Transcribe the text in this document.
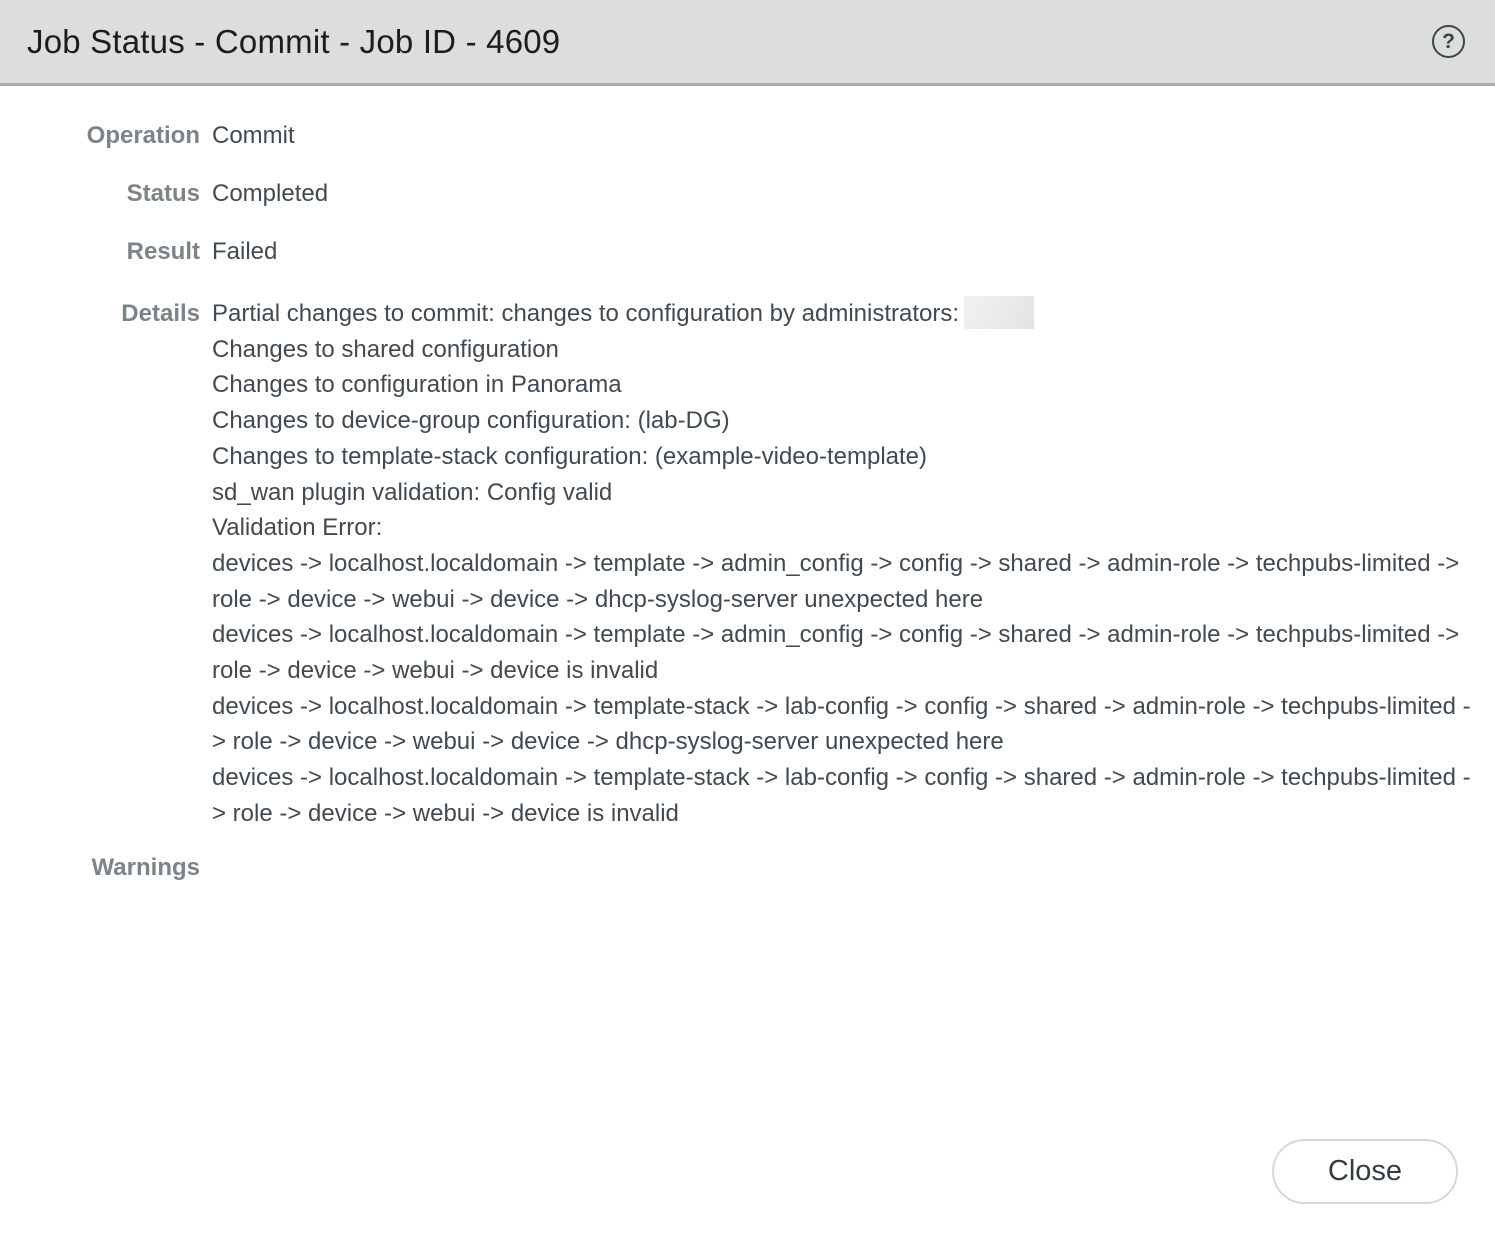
Job Status - Commit - Job ID - 4609	?
Operation Commit
Status Completed
Result Failed
Details Partial changes to commit: changes to configuration by administrators:
Changes to shared configuration
Changes to configuration in Panorama
Changes to device-group configuration: (lab-DG)
Changes to template-stack configuration: (example-video-template)
sd_wan plugin validation: Config valid
Validation Error:
devices -> localhost.localdomain -> template -> admin_config -> config -> shared -> admin-role -> techpubs-limited -> role -> device -> webui -> device -> dhcp-syslog-server unexpected here
devices -> localhost.localdomain -> template -> admin_config -> config -> shared -> admin-role -> techpubs-limited -> role -> device -> webui -> device is invalid
devices -> localhost.localdomain -> template-stack -> lab-config -> config -> shared -> admin-role -> techpubs-limited -> role -> device -> webui -> device -> dhcp-syslog-server unexpected here
devices -> localhost.localdomain -> template-stack -> lab-config -> config -> shared -> admin-role -> techpubs-limited -> role -> device -> webui -> device is invalid
Warnings
Close
